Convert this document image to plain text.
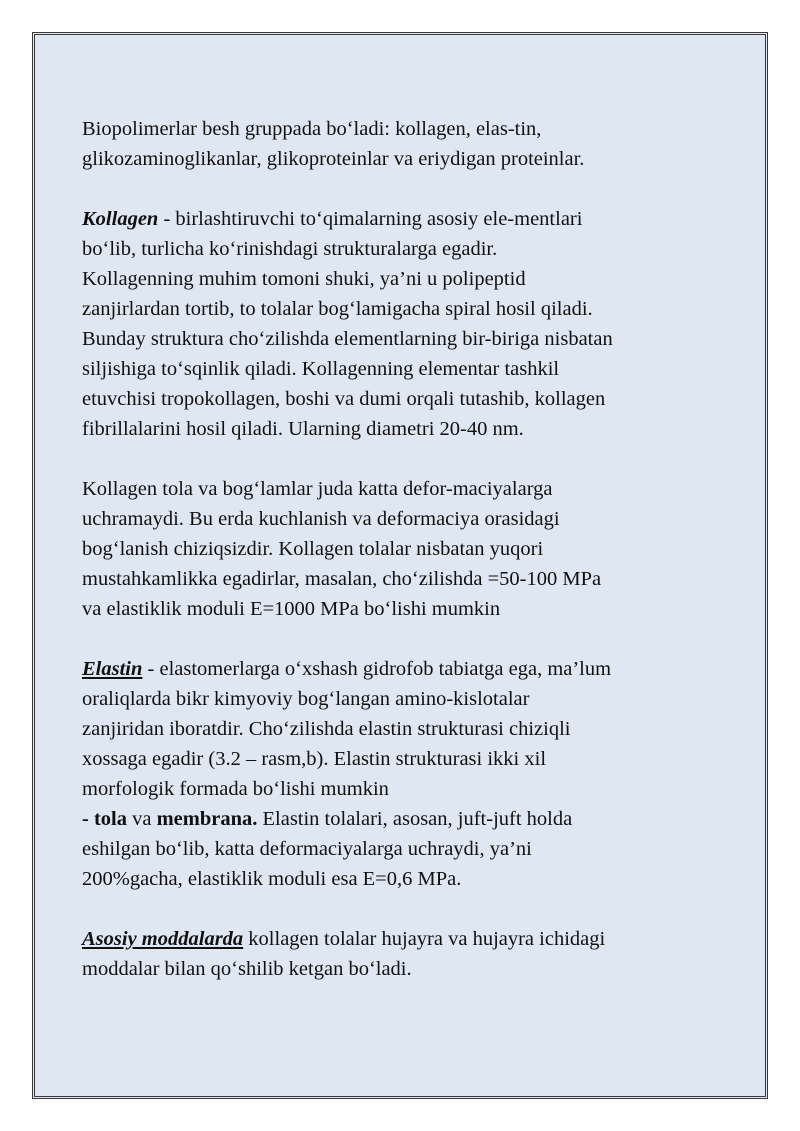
Biopolimerlar besh gruppada bo‘ladi: kollagen, elas-tin,
glikozaminoglikanlar, glikoproteinlar va eriydigan proteinlar.

Kollagen - birlashtiruvchi to‘qimalarning asosiy ele-mentlari
bo‘lib, turlicha ko‘rinishdagi strukturalarga egadir.
Kollagenning muhim tomoni shuki, ya’ni u polipeptid
zanjirlardan tortib, to tolalar bog‘lamigacha spiral hosil qiladi.
Bunday struktura cho‘zilishda elementlarning bir-biriga nisbatan
siljishiga to‘sqinlik qiladi. Kollagenning elementar tashkil
etuvchisi tropokollagen, boshi va dumi orqali tutashib, kollagen
fibrillalarini hosil qiladi. Ularning diametri 20-40 nm.

Kollagen tola va bog‘lamlar juda katta defor-maciyalarga
uchramaydi. Bu erda kuchlanish va deformaciya orasidagi
bog‘lanish chiziqsizdir. Kollagen tolalar nisbatan yuqori
mustahkamlikka egadirlar, masalan, cho‘zilishda =50-100 MPa
va elastiklik moduli E=1000 MPa bo‘lishi mumkin

Elastin - elastomerlarga o‘xshash gidrofob tabiatga ega, ma’lum
oraliqlarda bikr kimyoviy bog‘langan amino-kislotalar
zanjiridan iboratdir. Cho‘zilishda elastin strukturasi chiziqli
xossaga egadir (3.2 – rasm,b). Elastin strukturasi ikki xil
morfologik formada bo‘lishi mumkin
- tola va membrana. Elastin tolalari, asosan, juft-juft holda
eshilgan bo‘lib, katta deformaciyalarga uchraydi, ya’ni
200%gacha, elastiklik moduli esa E=0,6 MPa.

Asosiy moddalarda kollagen tolalar hujayra va hujayra ichidagi
moddalar bilan qo‘shilib ketgan bo‘ladi.
